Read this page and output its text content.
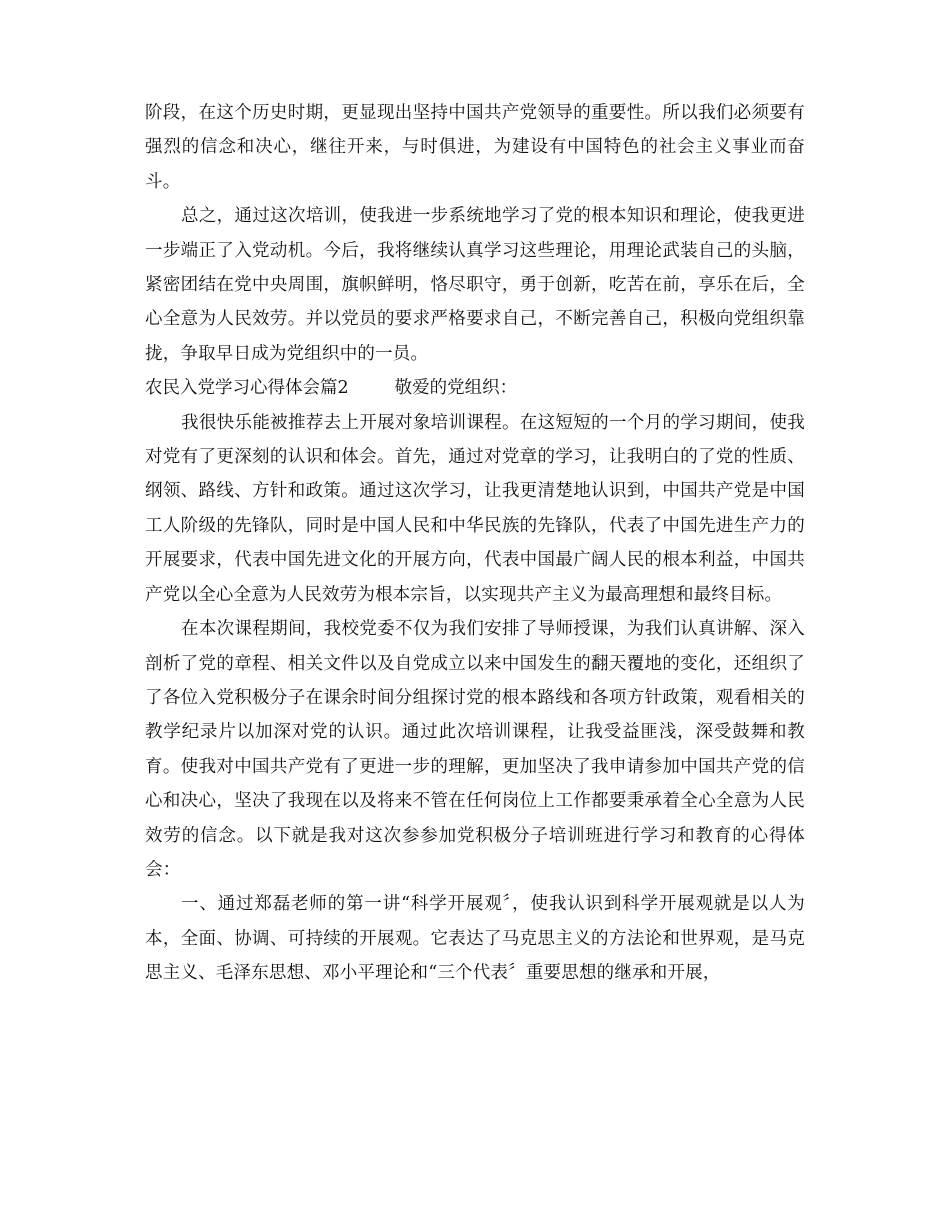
阶段，在这个历史时期，更显现出坚持中国共产党领导的重要性。所以我们必须要有强烈的信念和决心，继往开来，与时俱进，为建设有中国特色的社会主义事业而奋斗。

总之，通过这次培训，使我进一步系统地学习了党的根本知识和理论，使我更进一步端正了入党动机。今后，我将继续认真学习这些理论，用理论武装自己的头脑，紧密团结在党中央周围，旗帜鲜明，恪尽职守，勇于创新，吃苦在前，享乐在后，全心全意为人民效劳。并以党员的要求严格要求自己，不断完善自己，积极向党组织靠拢，争取早日成为党组织中的一员。

农民入党学习心得体会篇2	敬爱的党组织：

我很快乐能被推荐去上开展对象培训课程。在这短短的一个月的学习期间，使我对党有了更深刻的认识和体会。首先，通过对党章的学习，让我明白的了党的性质、纲领、路线、方针和政策。通过这次学习，让我更清楚地认识到，中国共产党是中国工人阶级的先锋队，同时是中国人民和中华民族的先锋队，代表了中国先进生产力的开展要求，代表中国先进文化的开展方向，代表中国最广阔人民的根本利益，中国共产党以全心全意为人民效劳为根本宗旨，以实现共产主义为最高理想和最终目标。

在本次课程期间，我校党委不仅为我们安排了导师授课，为我们认真讲解、深入剖析了党的章程、相关文件以及自党成立以来中国发生的翻天覆地的变化，还组织了了各位入党积极分子在课余时间分组探讨党的根本路线和各项方针政策，观看相关的教学纪录片以加深对党的认识。通过此次培训课程，让我受益匪浅，深受鼓舞和教育。使我对中国共产党有了更进一步的理解，更加坚决了我申请参加中国共产党的信心和决心，坚决了我现在以及将来不管在任何岗位上工作都要秉承着全心全意为人民效劳的信念。以下就是我对这次参参加党积极分子培训班进行学习和教育的心得体会：

一、通过郑磊老师的第一讲“科学开展观〞，使我认识到科学开展观就是以人为本，全面、协调、可持续的开展观。它表达了马克思主义的方法论和世界观，是马克思主义、毛泽东思想、邓小平理论和“三个代表〞重要思想的继承和开展，
